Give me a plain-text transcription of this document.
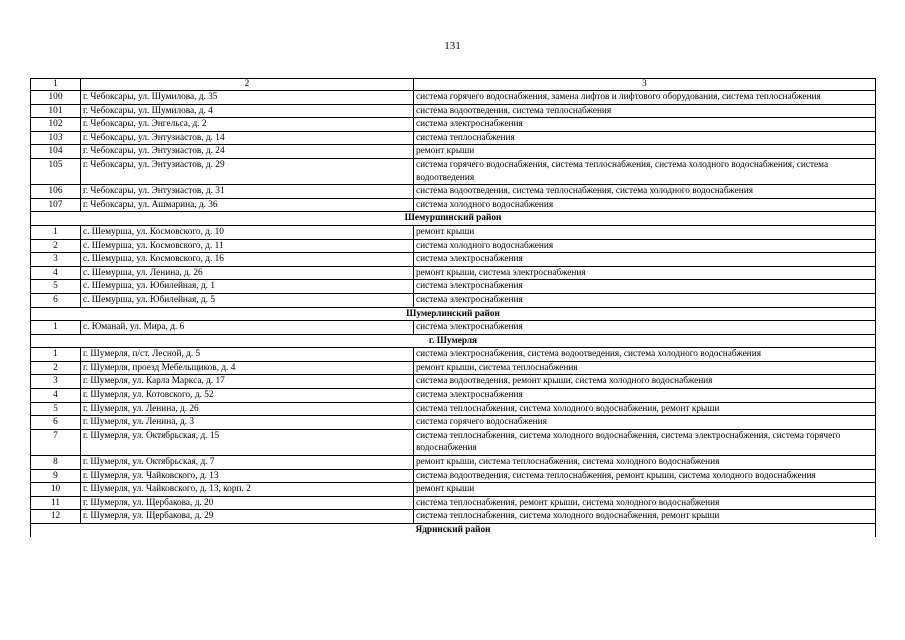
131
1	2	3
100	г. Чебоксары, ул. Шумилова, д. 35	система горячего водоснабжения, замена лифтов и лифтового оборудования, система теплоснабжения
101	г. Чебоксары, ул. Шумилова, д. 4	система водоотведения, система теплоснабжения
102	г. Чебоксары, ул. Энгельса, д. 2	система электроснабжения
103	г. Чебоксары, ул. Энтузиастов, д. 14	система теплоснабжения
104	г. Чебоксары, ул. Энтузиастов, д. 24	ремонт крыши
105	г. Чебоксары, ул. Энтузиастов, д. 29	система горячего водоснабжения, система теплоснабжения, система холодного водоснабжения, система водоотведения
106	г. Чебоксары, ул. Энтузиастов, д. 31	система водоотведения, система теплоснабжения, система холодного водоснабжения
107	г. Чебоксары, ул. Ашмарина, д. 36	система холодного водоснабжения
Шемуршинский район		
1	с. Шемурша, ул. Космовского, д. 10	ремонт крыши
2	с. Шемурша, ул. Космовского, д. 11	система холодного водоснабжения
3	с. Шемурша, ул. Космовского, д. 16	система электроснабжения
4	с. Шемурша, ул. Ленина, д. 26	ремонт крыши, система электроснабжения
5	с. Шемурша, ул. Юбилейная, д. 1	система электроснабжения
6	с. Шемурша, ул. Юбилейная, д. 5	система электроснабжения
Шумерлинский район		
1	с. Юманай, ул. Мира, д. 6	система электроснабжения
г. Шумерля		
1	г. Шумерля, п/ст. Лесной, д. 5	система электроснабжения, система водоотведения, система холодного водоснабжения
2	г. Шумерля, проезд Мебельщиков, д. 4	ремонт крыши, система теплоснабжения
3	г. Шумерля, ул. Карла Маркса, д. 17	система водоотведения, ремонт крыши, система холодного водоснабжения
4	г. Шумерля, ул. Котовского, д. 52	система электроснабжения
5	г. Шумерля, ул. Ленина, д. 26	система теплоснабжения, система холодного водоснабжения, ремонт крыши
6	г. Шумерля, ул. Ленина, д. 3	система горячего водоснабжения
7	г. Шумерля, ул. Октябрьская, д. 15	система теплоснабжения, система холодного водоснабжения, система электроснабжения, система горячего водоснабжения
8	г. Шумерля, ул. Октябрьская, д. 7	ремонт крыши, система теплоснабжения, система холодного водоснабжения
9	г. Шумерля, ул. Чайковского, д. 13	система водоотведения, система теплоснабжения, ремонт крыши, система холодного водоснабжения
10	г. Шумерля, ул. Чайковского, д. 13, корп. 2	ремонт крыши
11	г. Шумерля, ул. Щербакова, д. 20	система теплоснабжения, ремонт крыши, система холодного водоснабжения
12	г. Шумерля, ул. Щербакова, д. 29	система теплоснабжения, система холодного водоснабжения, ремонт крыши
Ядринский район		
